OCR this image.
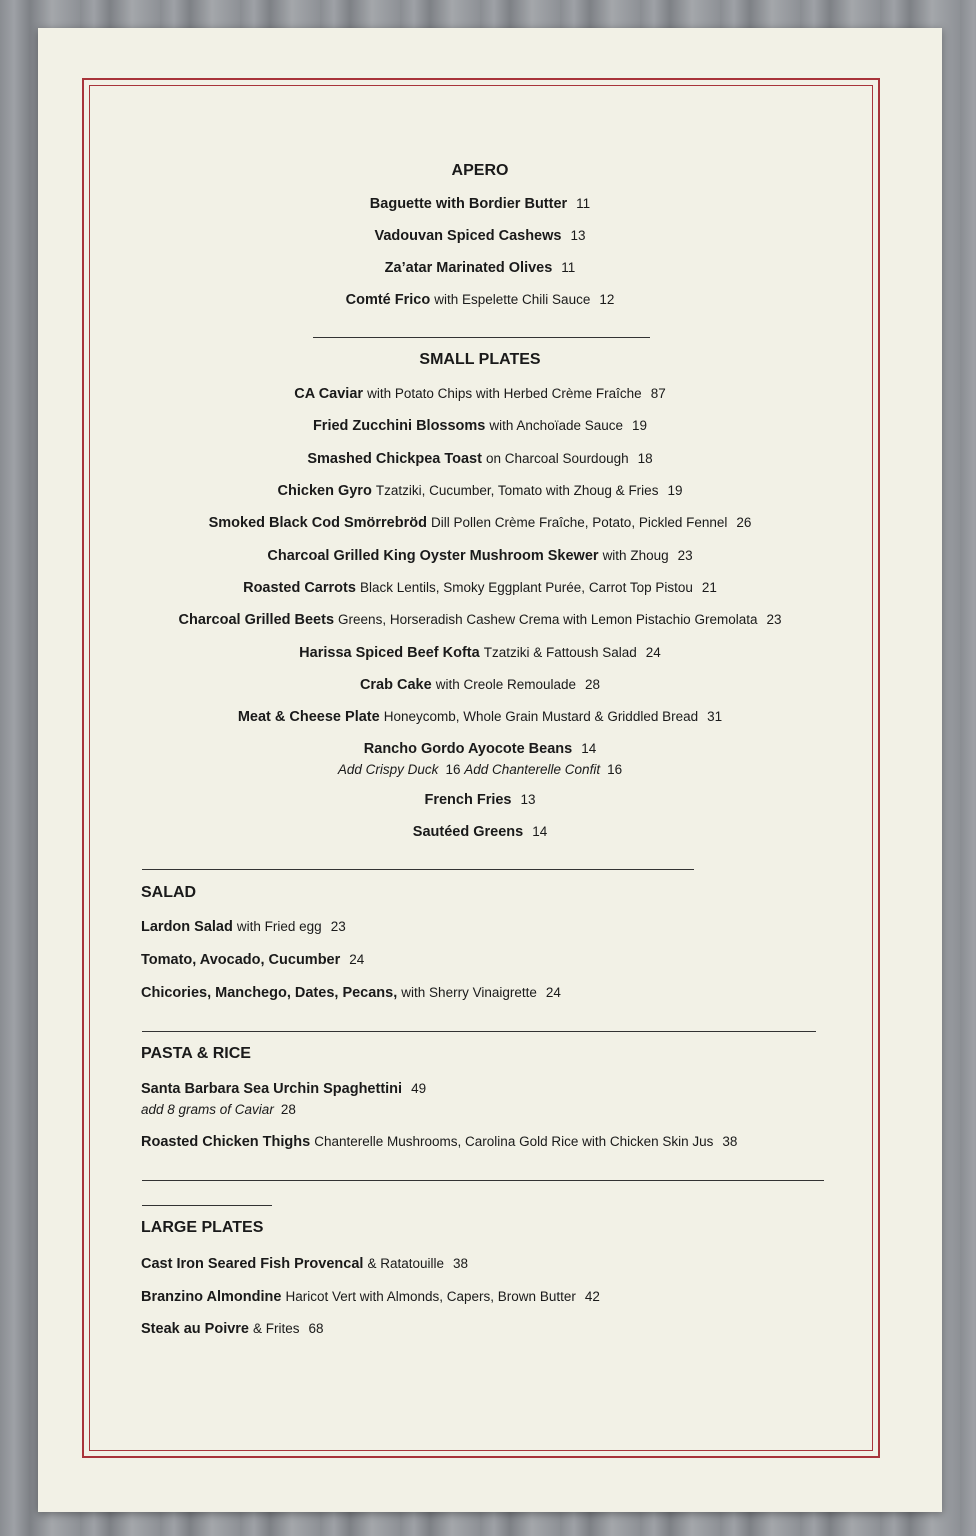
APERO
Baguette with Bordier Butter 11
Vadouvan Spiced Cashews 13
Za’atar Marinated Olives 11
Comté Frico with Espelette Chili Sauce 12
SMALL PLATES
CA Caviar with Potato Chips with Herbed Crème Fraîche 87
Fried Zucchini Blossoms with Anchoïade Sauce 19
Smashed Chickpea Toast on Charcoal Sourdough 18
Chicken Gyro Tzatziki, Cucumber, Tomato with Zhoug & Fries 19
Smoked Black Cod Smörrebröd Dill Pollen Crème Fraîche, Potato, Pickled Fennel 26
Charcoal Grilled King Oyster Mushroom Skewer with Zhoug 23
Roasted Carrots Black Lentils, Smoky Eggplant Purée, Carrot Top Pistou 21
Charcoal Grilled Beets Greens, Horseradish Cashew Crema with Lemon Pistachio Gremolata 23
Harissa Spiced Beef Kofta Tzatziki & Fattoush Salad 24
Crab Cake with Creole Remoulade 28
Meat & Cheese Plate Honeycomb, Whole Grain Mustard & Griddled Bread 31
Rancho Gordo Ayocote Beans 14
Add Crispy Duck 16 Add Chanterelle Confit 16
French Fries 13
Sautéed Greens 14
SALAD
Lardon Salad with Fried egg 23
Tomato, Avocado, Cucumber 24
Chicories, Manchego, Dates, Pecans, with Sherry Vinaigrette 24
PASTA & RICE
Santa Barbara Sea Urchin Spaghettini 49
add 8 grams of Caviar 28
Roasted Chicken Thighs Chanterelle Mushrooms, Carolina Gold Rice with Chicken Skin Jus 38
LARGE PLATES
Cast Iron Seared Fish Provencal & Ratatouille 38
Branzino Almondine Haricot Vert with Almonds, Capers, Brown Butter 42
Steak au Poivre & Frites 68
